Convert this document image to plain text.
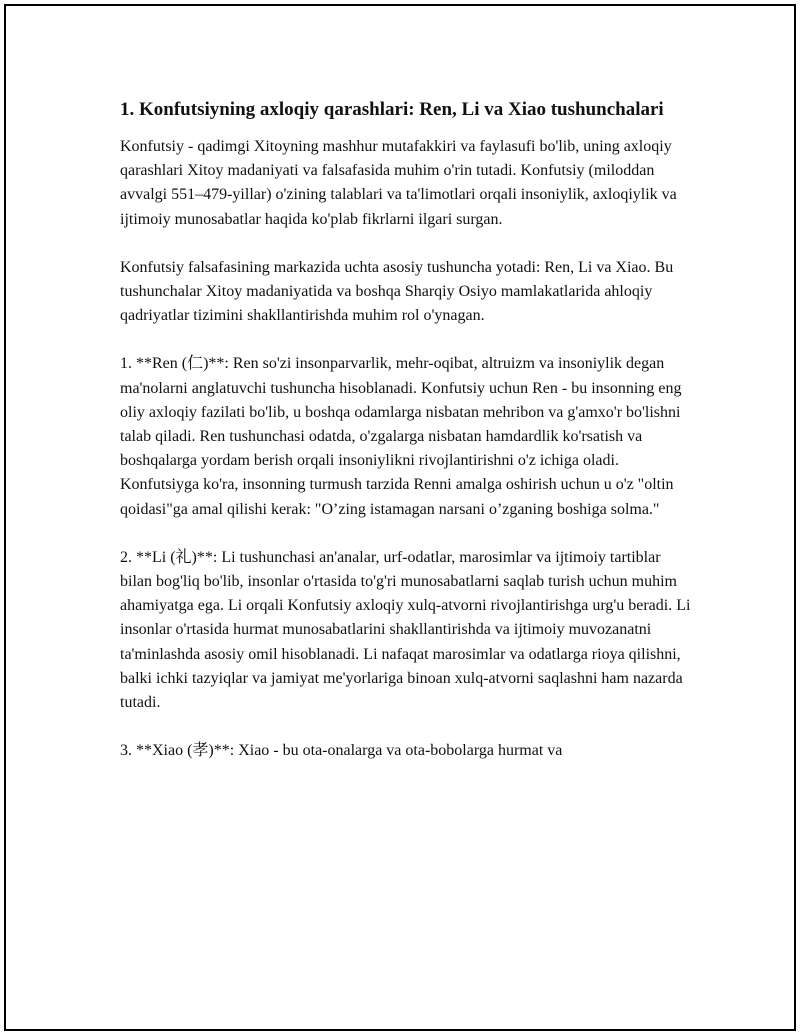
1. Konfutsiyning axloqiy qarashlari: Ren, Li va Xiao tushunchalari

Konfutsiy - qadimgi Xitoyning mashhur mutafakkiri va faylasufi bo'lib, uning axloqiy qarashlari Xitoy madaniyati va falsafasida muhim o'rin tutadi. Konfutsiy (miloddan avvalgi 551–479-yillar) o'zining talablari va ta'limotlari orqali insoniylik, axloqiylik va ijtimoiy munosabatlar haqida ko'plab fikrlarni ilgari surgan.

Konfutsiy falsafasining markazida uchta asosiy tushuncha yotadi: Ren, Li va Xiao. Bu tushunchalar Xitoy madaniyatida va boshqa Sharqiy Osiyo mamlakatlarida ahloqiy qadriyatlar tizimini shakllantirishda muhim rol o'ynagan.

1. **Ren (仁)**: Ren so'zi insonparvarlik, mehr-oqibat, altruizm va insoniylik degan ma'nolarni anglatuvchi tushuncha hisoblanadi. Konfutsiy uchun Ren - bu insonning eng oliy axloqiy fazilati bo'lib, u boshqa odamlarga nisbatan mehribon va g'amxo'r bo'lishni talab qiladi. Ren tushunchasi odatda, o'zgalarga nisbatan hamdardlik ko'rsatish va boshqalarga yordam berish orqali insoniylikni rivojlantirishni o'z ichiga oladi. Konfutsiyga ko'ra, insonning turmush tarzida Renni amalga oshirish uchun u o'z "oltin qoidasi"ga amal qilishi kerak: "O’zing istamagan narsani o’zganing boshiga solma."

2. **Li (礼)**: Li tushunchasi an'analar, urf-odatlar, marosimlar va ijtimoiy tartiblar bilan bog'liq bo'lib, insonlar o'rtasida to'g'ri munosabatlarni saqlab turish uchun muhim ahamiyatga ega. Li orqali Konfutsiy axloqiy xulq-atvorni rivojlantirishga urg'u beradi. Li insonlar o'rtasida hurmat munosabatlarini shakllantirishda va ijtimoiy muvozanatni ta'minlashda asosiy omil hisoblanadi. Li nafaqat marosimlar va odatlarga rioya qilishni, balki ichki tazyiqlar va jamiyat me'yorlariga binoan xulq-atvorni saqlashni ham nazarda tutadi.

3. **Xiao (孝)**: Xiao - bu ota-onalarga va ota-bobolarga hurmat va
